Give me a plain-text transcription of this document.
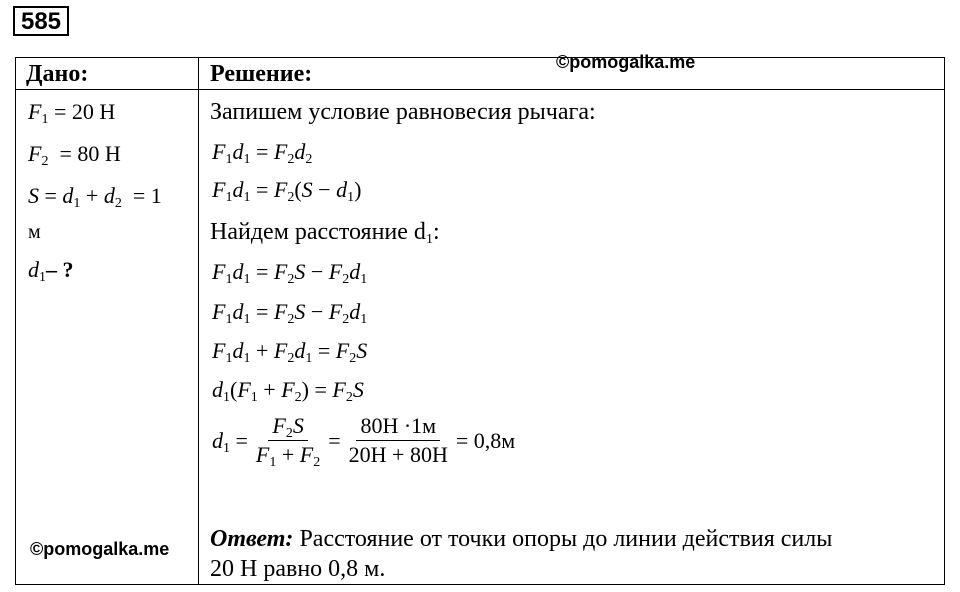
585
©pomogalka.me
©pomogalka.me
Дано:
$F_1 = 20$ Н
$F_2 = 80$ Н
$S = d_1 + d_2 = 1$
м
$d_1-$ ?
Решение:
Запишем условие равновесия рычага:
$F_1d_1 = F_2d_2$
$F_1d_1 = F_2(S - d_1)$
Найдем расстояние $d_1$:
$F_1d_1 = F_2S - F_2d_1$
$F_1d_1 = F_2S - F_2d_1$
$F_1d_1 + F_2d_1 = F_2S$
$d_1(F_1 + F_2) = F_2S$
$d_1 = \frac{F_2S}{F_1 + F_2} = \frac{80Н \cdot 1м}{20Н + 80Н} = 0,8м$
Ответ: Расстояние от точки опоры до линии действия силы
20 Н равно 0,8 м.
